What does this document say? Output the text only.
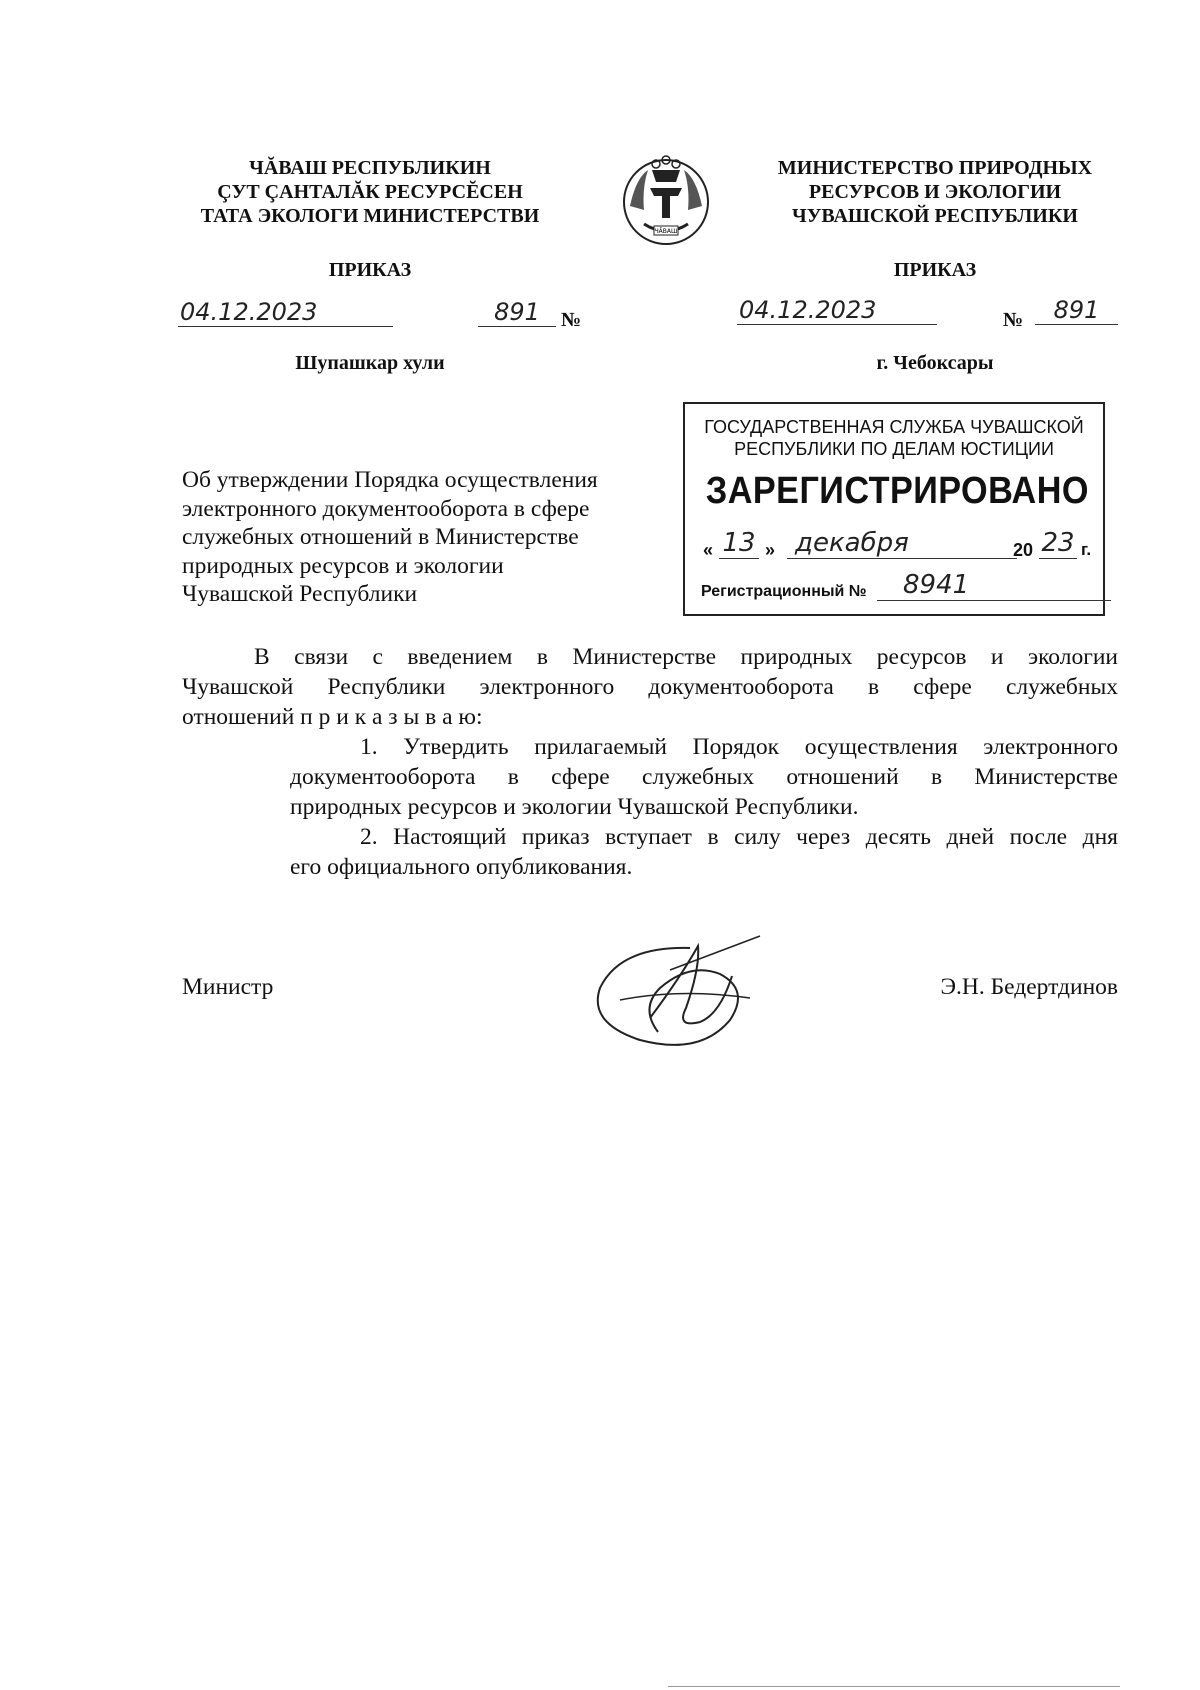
ЧĂВАШ РЕСПУБЛИКИН
ÇУТ ÇАНТАЛĂК РЕСУРСĔСЕН
ТАТА ЭКОЛОГИ МИНИСТЕРСТВИ
ПРИКАЗ
04.12.2023	891	№
Шупашкар хули
ЧĂВАШ
МИНИСТЕРСТВО ПРИРОДНЫХ
РЕСУРСОВ И ЭКОЛОГИИ
ЧУВАШСКОЙ РЕСПУБЛИКИ
ПРИКАЗ
04.12.2023	№	891
г. Чебоксары
Об утверждении Порядка осуществления
электронного документооборота в сфере
служебных отношений в Министерстве
природных ресурсов и экологии
Чувашской Республики
ГОСУДАРСТВЕННАЯ СЛУЖБА ЧУВАШСКОЙ
РЕСПУБЛИКИ ПО ДЕЛАМ ЮСТИЦИИ
ЗАРЕГИСТРИРОВАНО
« 13 » декабря	20 23 г.
Регистрационный №	8941
В связи с введением в Министерстве природных ресурсов и экологии
Чувашской Республики электронного документооборота в сфере служебных
отношений п р и к а з ы в а ю:
1. Утвердить прилагаемый Порядок осуществления электронного
документооборота в сфере служебных отношений в Министерстве
природных ресурсов и экологии Чувашской Республики.
2. Настоящий приказ вступает в силу через десять дней после дня
его официального опубликования.
Министр	Э.Н. Бедертдинов
